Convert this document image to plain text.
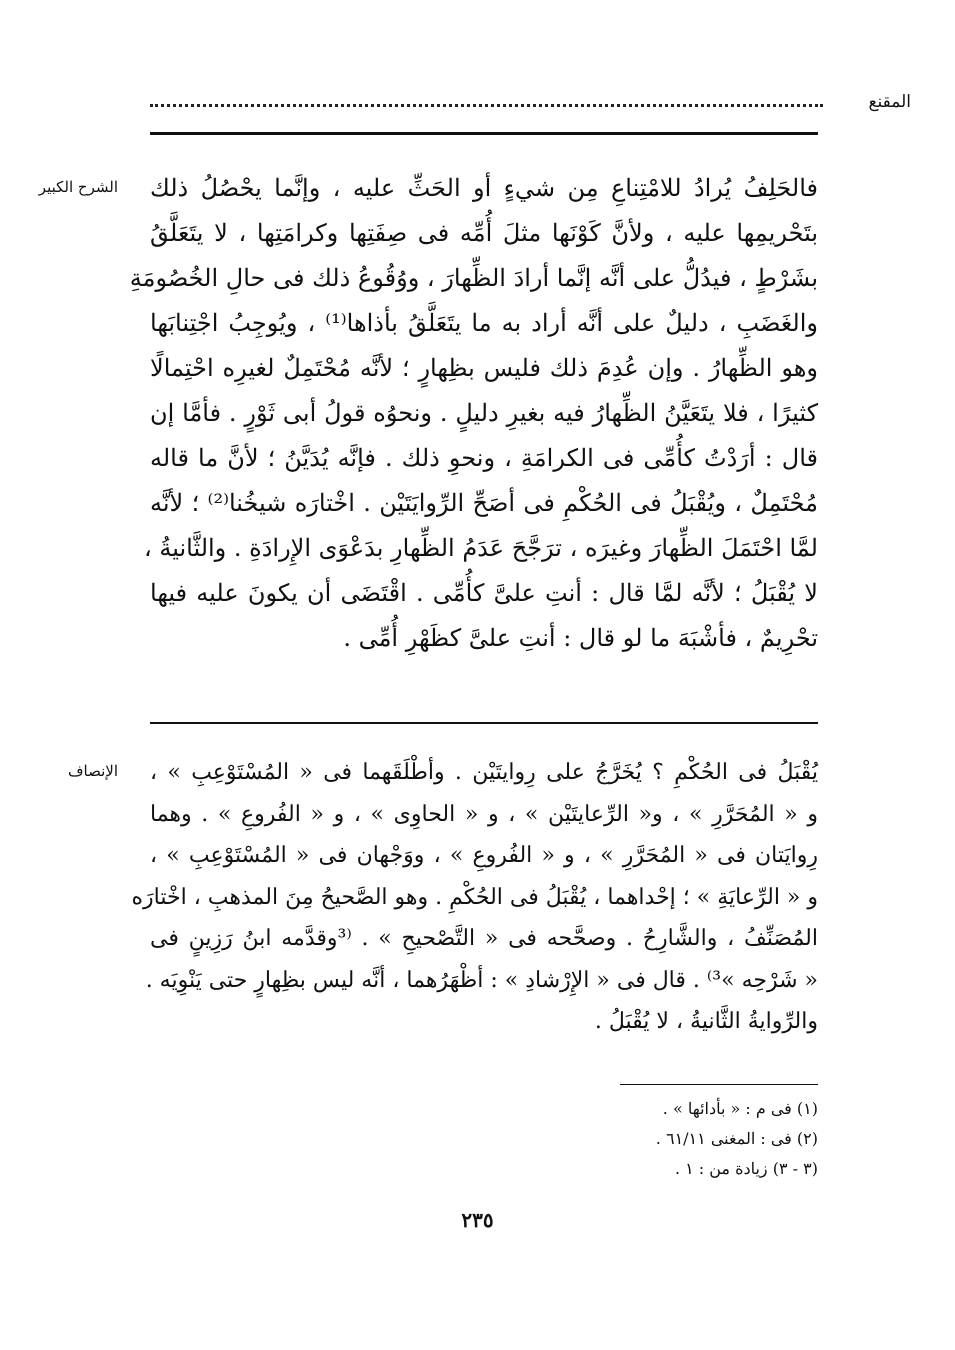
المقنع
الشرح الكبير فالحَلِفُ يُرادُ للامْتِناعِ مِن شيءٍ أو الحَثِّ عليه ، وإنَّما يحْصُلُ ذلك
بتَحْريمِها عليه ، ولأنَّ كَوْنَها مثلَ أُمِّه فى صِفَتِها وكرامَتِها ، لا يتَعَلَّقُ
بشَرْطٍ ، فيدُلُّ على أنَّه إنَّما أرادَ الظِّهارَ ، ووُقُوعُ ذلك فى حالِ الخُصُومَةِ
والغَضَبِ ، دليلٌ على أنَّه أراد به ما يتَعَلَّقُ بأذاها⁽¹⁾ ، ويُوجِبُ اجْتِنابَها
وهو الظِّهارُ . وإن عُدِمَ ذلك فليس بظِهارٍ ؛ لأنَّه مُحْتَمِلٌ لغيرِه احْتِمالًا
كثيرًا ، فلا يتَعَيَّنُ الظِّهارُ فيه بغيرِ دليلٍ . ونحوُه قولُ أبى ثَوْرٍ . فأمَّا إن
قال : أرَدْتُ كأُمِّى فى الكرامَةِ ، ونحوِ ذلك . فإنَّه يُدَيَّنُ ؛ لأنَّ ما قاله
مُحْتَمِلٌ ، ويُقْبَلُ فى الحُكْمِ فى أصَحِّ الرِّوايَتَيْن . اخْتارَه شيخُنا⁽²⁾ ؛ لأنَّه
لمَّا احْتَمَلَ الظِّهارَ وغيرَه ، ترَجَّحَ عَدَمُ الظِّهارِ بدَعْوَى الإِرادَةِ . والثَّانيةُ ،
لا يُقْبَلُ ؛ لأنَّه لمَّا قال : أنتِ علىَّ كأُمِّى . اقْتَضَى أن يكونَ عليه فيها
تحْرِيمٌ ، فأشْبَهَ ما لو قال : أنتِ علىَّ كظَهْرِ أُمِّى .
الإنصاف يُقْبَلُ فى الحُكْمِ ؟ يُخَرَّجُ على رِوايتَيْن . وأطْلَقَهما فى « المُسْتَوْعِبِ » ،
و « المُحَرَّرِ » ، و« الرِّعايتَيْن » ، و « الحاوِى » ، و « الفُروعِ » . وهما
رِوايَتان فى « المُحَرَّرِ » ، و « الفُروعِ » ، ووَجْهان فى « المُسْتَوْعِبِ » ،
و « الرِّعايَةِ » ؛ إحْداهما ، يُقْبَلُ فى الحُكْمِ . وهو الصَّحيحُ مِنَ المذهبِ ، اخْتارَه
المُصَنِّفُ ، والشَّارِحُ . وصحَّحه فى « التَّصْحيحِ » . ⁽³وقدَّمه ابنُ رَزِينٍ فى
« شَرْحِه »³⁾ . قال فى « الإِرْشادِ » : أظْهَرُهما ، أنَّه ليس بظِهارٍ حتى يَنْوِيَه .
والرِّوايةُ الثَّانيةُ ، لا يُقْبَلُ .
(١) فى م : « بأدائها » .
(٢) فى : المغنى ٦١/١١ .
(٣ - ٣) زيادة من : ١ .
٢٣٥
